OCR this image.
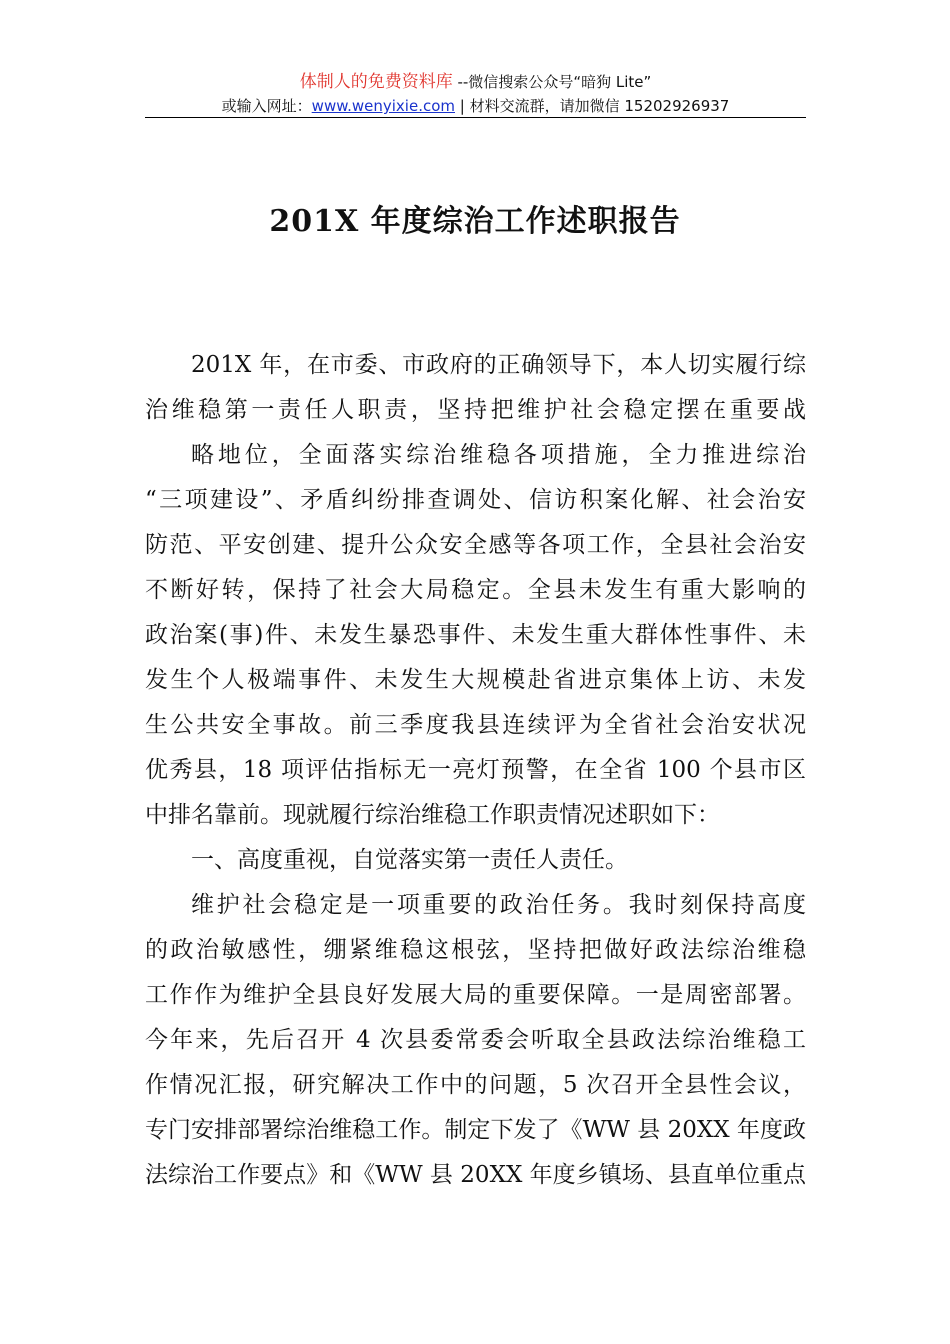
体制人的免费资料库 --微信搜索公众号“暗狗 Lite”
或输入网址：www.wenyixie.com | 材料交流群，请加微信 15202926937
201X 年度综治工作述职报告
201X 年，在市委、市政府的正确领导下，本人切实履行综
治维稳第一责任人职责，坚持把维护社会稳定摆在重要战
略地位，全面落实综治维稳各项措施，全力推进综治
“三项建设”、矛盾纠纷排查调处、信访积案化解、社会治安
防范、平安创建、提升公众安全感等各项工作，全县社会治安
不断好转，保持了社会大局稳定。全县未发生有重大影响的
政治案(事)件、未发生暴恐事件、未发生重大群体性事件、未
发生个人极端事件、未发生大规模赴省进京集体上访、未发
生公共安全事故。前三季度我县连续评为全省社会治安状况
优秀县，18 项评估指标无一亮灯预警，在全省 100 个县市区
中排名靠前。现就履行综治维稳工作职责情况述职如下：
一、高度重视，自觉落实第一责任人责任。
维护社会稳定是一项重要的政治任务。我时刻保持高度
的政治敏感性，绷紧维稳这根弦，坚持把做好政法综治维稳
工作作为维护全县良好发展大局的重要保障。一是周密部署。
今年来，先后召开 4 次县委常委会听取全县政法综治维稳工
作情况汇报，研究解决工作中的问题，5 次召开全县性会议，
专门安排部署综治维稳工作。制定下发了《WW 县 20XX 年度政
法综治工作要点》和《WW 县 20XX 年度乡镇场、县直单位重点
